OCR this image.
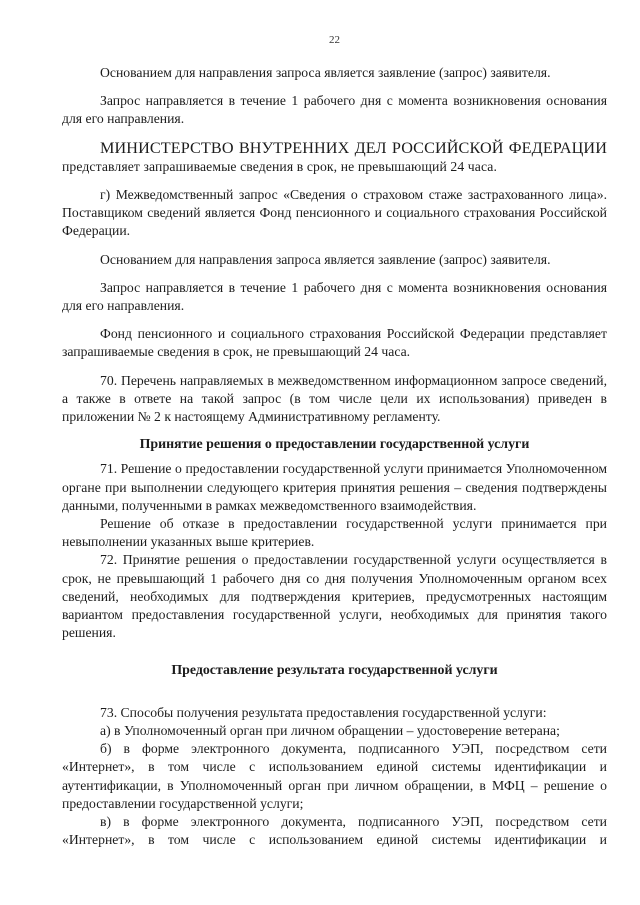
22

Основанием для направления запроса является заявление (запрос) заявителя.

Запрос направляется в течение 1 рабочего дня с момента возникновения основания для его направления.

МИНИСТЕРСТВО ВНУТРЕННИХ ДЕЛ РОССИЙСКОЙ ФЕДЕРАЦИИ представляет запрашиваемые сведения в срок, не превышающий 24 часа.

г) Межведомственный запрос «Сведения о страховом стаже застрахованного лица». Поставщиком сведений является Фонд пенсионного и социального страхования Российской Федерации.

Основанием для направления запроса является заявление (запрос) заявителя.

Запрос направляется в течение 1 рабочего дня с момента возникновения основания для его направления.

Фонд пенсионного и социального страхования Российской Федерации представляет запрашиваемые сведения в срок, не превышающий 24 часа.

70. Перечень направляемых в межведомственном информационном запросе сведений, а также в ответе на такой запрос (в том числе цели их использования) приведен в приложении № 2 к настоящему Административному регламенту.

Принятие решения о предоставлении государственной услуги

71. Решение о предоставлении государственной услуги принимается Уполномоченном органе при выполнении следующего критерия принятия решения – сведения подтверждены данными, полученными в рамках межведомственного взаимодействия.

Решение об отказе в предоставлении государственной услуги принимается при невыполнении указанных выше критериев.

72. Принятие решения о предоставлении государственной услуги осуществляется в срок, не превышающий 1 рабочего дня со дня получения Уполномоченным органом всех сведений, необходимых для подтверждения критериев, предусмотренных настоящим вариантом предоставления государственной услуги, необходимых для принятия такого решения.

Предоставление результата государственной услуги

73. Способы получения результата предоставления государственной услуги:

а) в Уполномоченный орган при личном обращении – удостоверение ветерана;

б) в форме электронного документа, подписанного УЭП, посредством сети «Интернет», в том числе с использованием единой системы идентификации и аутентификации, в Уполномоченный орган при личном обращении, в МФЦ – решение о предоставлении государственной услуги;

в) в форме электронного документа, подписанного УЭП, посредством сети «Интернет», в том числе с использованием единой системы идентификации и
